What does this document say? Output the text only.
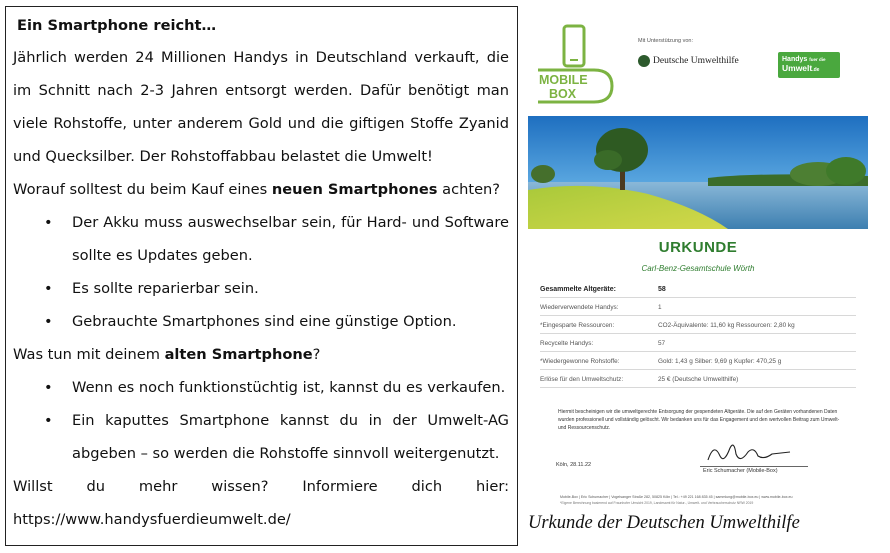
Ein Smartphone reicht…
Jährlich werden 24 Millionen Handys in Deutschland verkauft, die
im Schnitt nach 2-3 Jahren entsorgt werden. Dafür benötigt man
viele Rohstoffe, unter anderem Gold und die giftigen Stoffe Zyanid
und Quecksilber. Der Rohstoffabbau belastet die Umwelt!
Worauf solltest du beim Kauf eines neuen Smartphones achten?
• Der Akku muss auswechselbar sein, für Hard- und Software
sollte es Updates geben.
• Es sollte reparierbar sein.
• Gebrauchte Smartphones sind eine günstige Option.
Was tun mit deinem alten Smartphone?
• Wenn es noch funktionstüchtig ist, kannst du es verkaufen.
• Ein kaputtes Smartphone kannst du in der Umwelt-AG
abgeben – so werden die Rohstoffe sinnvoll weitergenutzt.
Willst du mehr wissen? Informiere dich hier:
https://www.handysfuerdieumwelt.de/
MOBILE
BOX
Mit Unterstützung von:
Deutsche Umwelthilfe	Handys fuer die
Umwelt.de
URKUNDE
Carl-Benz-Gesamtschule Wörth
Gesammelte Altgeräte:	58
Wiederverwendete Handys:	1
*Eingesparte Ressourcen:	CO2-Äquivalente: 11,60 kg Ressourcen: 2,80 kg
Recycelte Handys:	57
*Wiedergewonne Rohstoffe:	Gold: 1,43 g Silber: 9,69 g Kupfer: 470,25 g
Erlöse für den Umweltschutz:	25 € (Deutsche Umwelthilfe)
Hiermit bescheinigen wir die umweltgerechte Entsorgung der gespendeten Altgeräte. Die auf den Geräten vorhandenen Daten wurden professionell und vollständig gelöscht. Wir bedanken uns für das Engagement und den wertvollen Beitrag zum Umwelt- und Ressourcenschutz.
Köln, 28.11.22
Eric Schumacher (Mobile-Box)
Mobile-Box | Eric Schumacher | Vogelsanger Straße 282, 50825 Köln | Tel.: +49 221 168 835 45 | sammlung@mobile-box.eu | www.mobile-box.eu
*Eigene Berechnung basierend auf Fraunhofer Umsicht 2019, Landesamt für Natur-, Umwelt- und Verbraucherschutz NRW 2019
Urkunde der Deutschen Umwelthilfe
